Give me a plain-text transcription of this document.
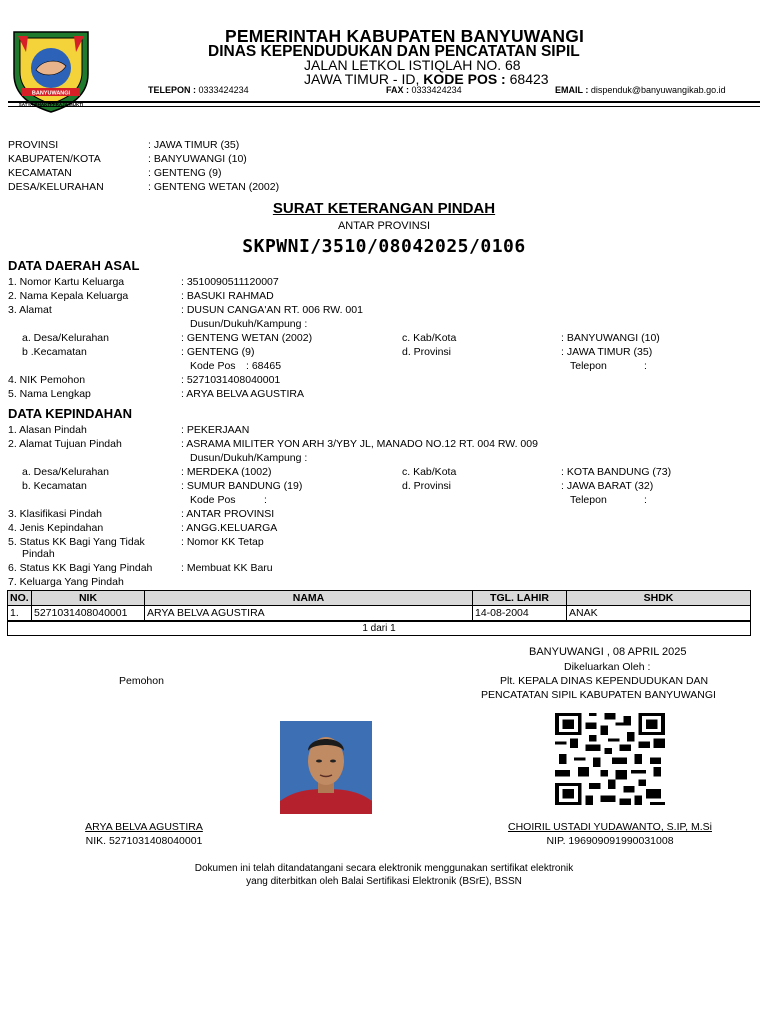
BANYUWANGI
SATYA BHAKTI PRAJA MUKTI
PEMERINTAH KABUPATEN BANYUWANGI
DINAS KEPENDUDUKAN DAN PENCATATAN SIPIL
JALAN LETKOL ISTIQLAH NO. 68
JAWA TIMUR - ID, KODE POS : 68423
TELEPON : 0333424234	FAX : 0333424234	EMAIL : dispenduk@banyuwangikab.go.id
PROVINSI	: JAWA TIMUR (35)
KABUPATEN/KOTA	: BANYUWANGI (10)
KECAMATAN	: GENTENG (9)
DESA/KELURAHAN	: GENTENG WETAN (2002)
SURAT KETERANGAN PINDAH
ANTAR PROVINSI
SKPWNI/3510/08042025/0106
DATA DAERAH ASAL
1. Nomor Kartu Keluarga	: 3510090511120007
2. Nama Kepala Keluarga	: BASUKI RAHMAD
3. Alamat	: DUSUN CANGA'AN RT. 006 RW. 001
Dusun/Dukuh/Kampung :
a. Desa/Kelurahan	: GENTENG WETAN (2002)	c. Kab/Kota	: BANYUWANGI (10)
b .Kecamatan	: GENTENG (9)	d. Provinsi	: JAWA TIMUR (35)
Kode Pos : 68465	Telepon	:
4. NIK Pemohon	: 5271031408040001
5. Nama Lengkap	: ARYA BELVA AGUSTIRA
DATA KEPINDAHAN
1. Alasan Pindah	: PEKERJAAN
2. Alamat Tujuan Pindah	: ASRAMA MILITER YON ARH 3/YBY JL, MANADO NO.12 RT. 004 RW. 009
Dusun/Dukuh/Kampung :
a. Desa/Kelurahan	: MERDEKA (1002)	c. Kab/Kota	: KOTA BANDUNG (73)
b. Kecamatan	: SUMUR BANDUNG (19)	d. Provinsi	: JAWA BARAT (32)
Kode Pos	:	Telepon	:
3. Klasifikasi Pindah	: ANTAR PROVINSI
4. Jenis Kepindahan	: ANGG.KELUARGA
5. Status KK Bagi Yang Tidak
Pindah
: Nomor KK Tetap
6. Status KK Bagi Yang Pindah	: Membuat KK Baru
7. Keluarga Yang Pindah
NO.	NIK	NAMA	TGL. LAHIR	SHDK
1.	5271031408040001	ARYA BELVA AGUSTIRA	14-08-2004	ANAK
1 dari 1
BANYUWANGI , 08 APRIL 2025
Dikeluarkan Oleh :
Plt. KEPALA DINAS KEPENDUDUKAN DAN
PENCATATAN SIPIL KABUPATEN BANYUWANGI
Pemohon
ARYA BELVA AGUSTIRA
NIK. 5271031408040001
CHOIRIL USTADI YUDAWANTO, S.IP, M.Si
NIP. 196909091990031008
Dokumen ini telah ditandatangani secara elektronik menggunakan sertifikat elektronik
yang diterbitkan oleh Balai Sertifikasi Elektronik (BSrE), BSSN
